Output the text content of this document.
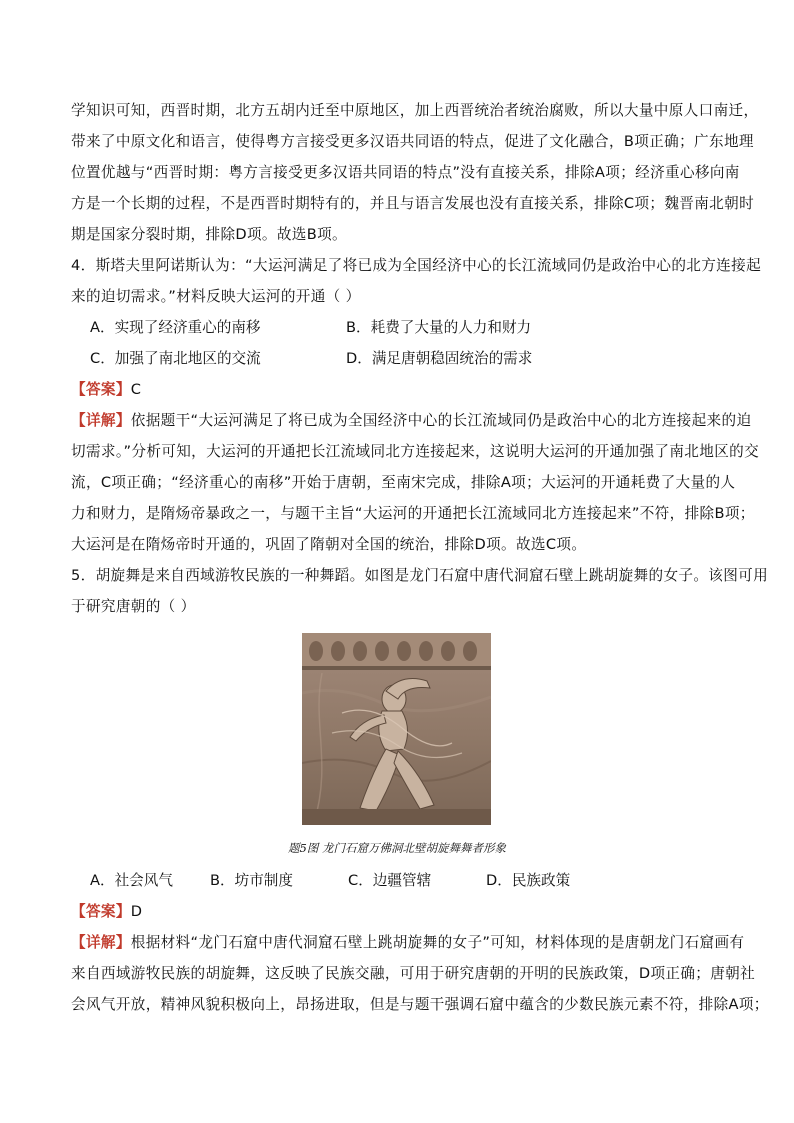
学知识可知，西晋时期，北方五胡内迁至中原地区，加上西晋统治者统治腐败，所以大量中原人口南迁，
带来了中原文化和语言，使得粤方言接受更多汉语共同语的特点，促进了文化融合，B项正确；广东地理
位置优越与“西晋时期：粤方言接受更多汉语共同语的特点”没有直接关系，排除A项；经济重心移向南
方是一个长期的过程，不是西晋时期特有的，并且与语言发展也没有直接关系，排除C项；魏晋南北朝时
期是国家分裂时期，排除D项。故选B项。
4．斯塔夫里阿诺斯认为：“大运河满足了将已成为全国经济中心的长江流域同仍是政治中心的北方连接起
来的迫切需求。”材料反映大运河的开通（ ）
A．实现了经济重心的南移	B．耗费了大量的人力和财力
C．加强了南北地区的交流	D．满足唐朝稳固统治的需求
【答案】C
【详解】依据题干“大运河满足了将已成为全国经济中心的长江流域同仍是政治中心的北方连接起来的迫
切需求。”分析可知，大运河的开通把长江流域同北方连接起来，这说明大运河的开通加强了南北地区的交
流，C项正确；“经济重心的南移”开始于唐朝，至南宋完成，排除A项；大运河的开通耗费了大量的人
力和财力，是隋炀帝暴政之一，与题干主旨“大运河的开通把长江流域同北方连接起来”不符，排除B项；
大运河是在隋炀帝时开通的，巩固了隋朝对全国的统治，排除D项。故选C项。
5．胡旋舞是来自西域游牧民族的一种舞蹈。如图是龙门石窟中唐代洞窟石壁上跳胡旋舞的女子。该图可用
于研究唐朝的（ ）
题5图 龙门石窟万佛洞北壁胡旋舞舞者形象
A．社会风气	B．坊市制度	C．边疆管辖	D．民族政策
【答案】D
【详解】根据材料“龙门石窟中唐代洞窟石壁上跳胡旋舞的女子”可知，材料体现的是唐朝龙门石窟画有
来自西域游牧民族的胡旋舞，这反映了民族交融，可用于研究唐朝的开明的民族政策，D项正确；唐朝社
会风气开放，精神风貌积极向上，昂扬进取，但是与题干强调石窟中蕴含的少数民族元素不符，排除A项；
